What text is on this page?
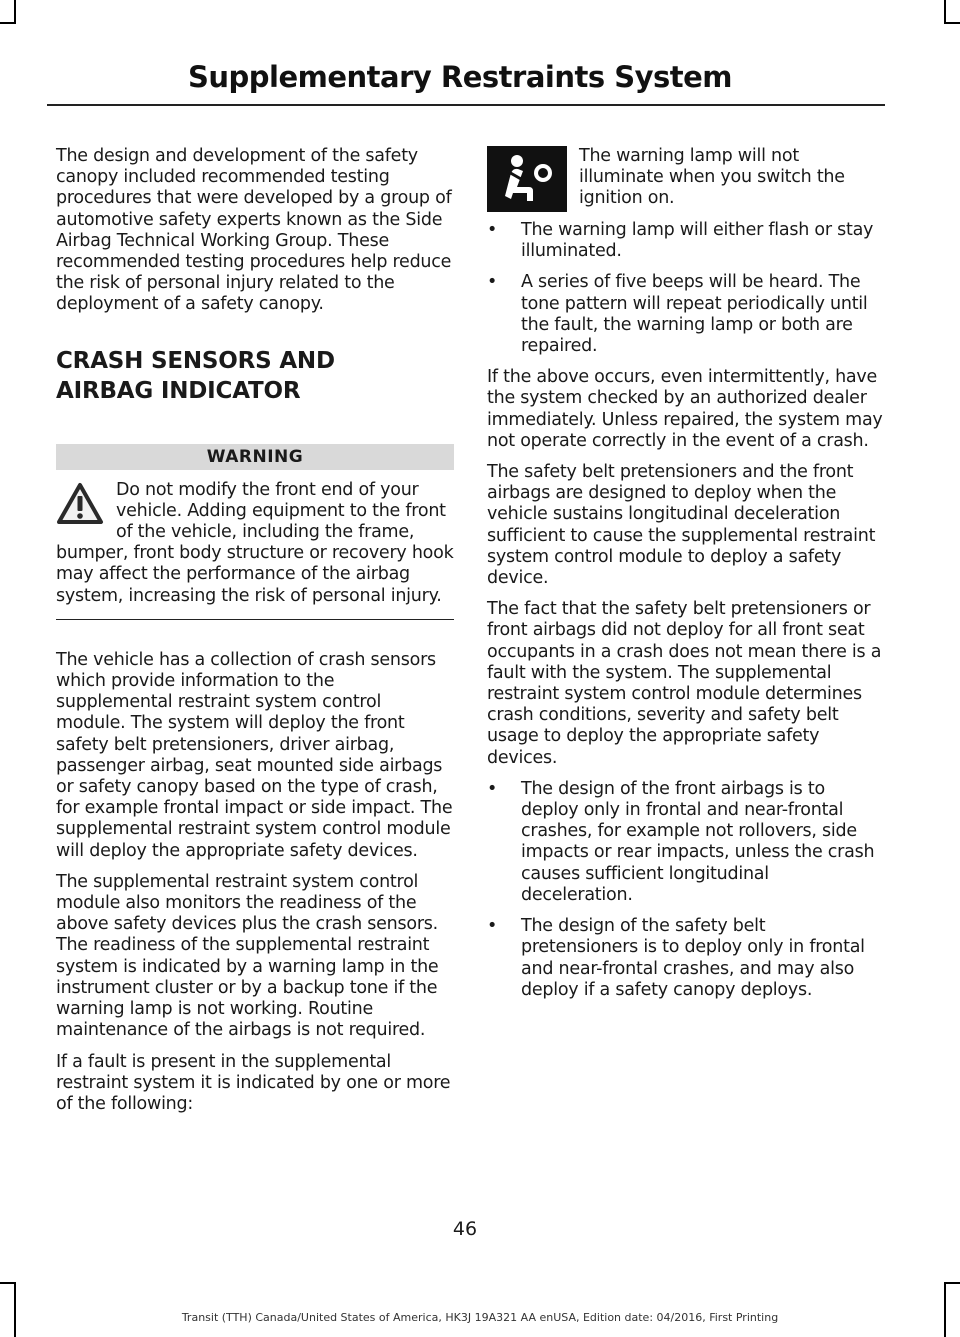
Supplementary Restraints System

The design and development of the safety canopy included recommended testing procedures that were developed by a group of automotive safety experts known as the Side Airbag Technical Working Group. These recommended testing procedures help reduce the risk of personal injury related to the deployment of a safety canopy.

CRASH SENSORS AND
AIRBAG INDICATOR
WARNING

Do not modify the front end of your vehicle. Adding equipment to the front of the vehicle, including the frame, bumper, front body structure or recovery hook may affect the performance of the airbag system, increasing the risk of personal injury.

The vehicle has a collection of crash sensors which provide information to the supplemental restraint system control module. The system will deploy the front safety belt pretensioners, driver airbag, passenger airbag, seat mounted side airbags or safety canopy based on the type of crash, for example frontal impact or side impact. The supplemental restraint system control module will deploy the appropriate safety devices.

The supplemental restraint system control module also monitors the readiness of the above safety devices plus the crash sensors. The readiness of the supplemental restraint system is indicated by a warning lamp in the instrument cluster or by a backup tone if the warning lamp is not working. Routine maintenance of the airbags is not required.

If a fault is present in the supplemental restraint system it is indicated by one or more of the following:

The warning lamp will not illuminate when you switch the ignition on.

• The warning lamp will either flash or stay illuminated.
• A series of five beeps will be heard. The tone pattern will repeat periodically until the fault, the warning lamp or both are repaired.

If the above occurs, even intermittently, have the system checked by an authorized dealer immediately. Unless repaired, the system may not operate correctly in the event of a crash.

The safety belt pretensioners and the front airbags are designed to deploy when the vehicle sustains longitudinal deceleration sufficient to cause the supplemental restraint system control module to deploy a safety device.

The fact that the safety belt pretensioners or front airbags did not deploy for all front seat occupants in a crash does not mean there is a fault with the system. The supplemental restraint system control module determines crash conditions, severity and safety belt usage to deploy the appropriate safety devices.

• The design of the front airbags is to deploy only in frontal and near-frontal crashes, for example not rollovers, side impacts or rear impacts, unless the crash causes sufficient longitudinal deceleration.
• The design of the safety belt pretensioners is to deploy only in frontal and near-frontal crashes, and may also deploy if a safety canopy deploys.
46
Transit (TTH) Canada/United States of America, HK3J 19A321 AA enUSA, Edition date: 04/2016, First Printing
